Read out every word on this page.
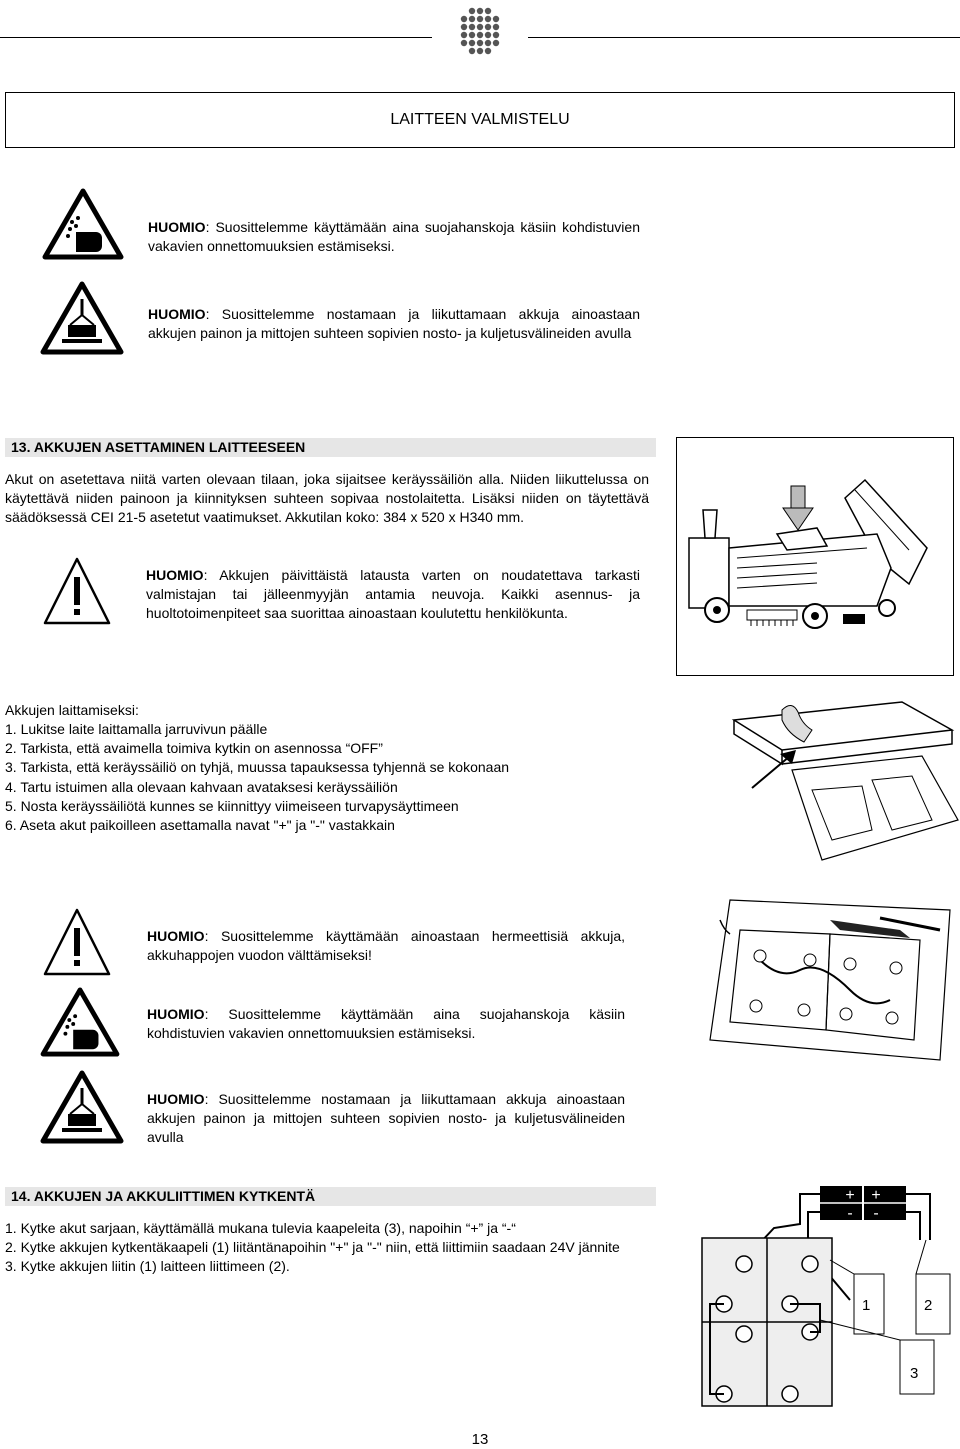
LAITTEEN VALMISTELU
HUOMIO: Suosittelemme käyttämään aina suojahanskoja käsiin kohdistuvien vakavien onnettomuuksien estämiseksi.
HUOMIO: Suosittelemme nostamaan ja liikuttamaan akkuja ainoastaan akkujen painon ja mittojen suhteen sopivien nosto- ja kuljetusvälineiden avulla
13. AKKUJEN ASETTAMINEN LAITTEESEEN
Akut on asetettava niitä varten olevaan tilaan, joka sijaitsee keräyssäiliön alla. Niiden liikuttelussa on käytettävä niiden painoon ja kiinnityksen suhteen sopivaa nostolaitetta. Lisäksi niiden on täytettävä säädöksessä CEI 21-5 asetetut vaatimukset. Akkutilan koko: 384 x 520 x H340 mm.
HUOMIO: Akkujen päivittäistä latausta varten on noudatettava tarkasti valmistajan tai jälleenmyyjän antamia neuvoja. Kaikki asennus- ja huoltotoimenpiteet saa suorittaa ainoastaan koulutettu henkilökunta.
Akkujen laittamiseksi:
1. Lukitse laite laittamalla jarruvivun päälle
2. Tarkista, että avaimella toimiva kytkin on asennossa “OFF”
3. Tarkista, että keräyssäiliö on tyhjä, muussa tapauksessa tyhjennä se kokonaan
4. Tartu istuimen alla olevaan kahvaan avataksesi keräyssäiliön
5. Nosta keräyssäiliötä kunnes se kiinnittyy viimeiseen turvapysäyttimeen
6. Aseta akut paikoilleen asettamalla navat "+" ja "-" vastakkain
HUOMIO: Suosittelemme käyttämään ainoastaan hermeettisiä akkuja, akkuhappojen vuodon välttämiseksi!
HUOMIO: Suosittelemme käyttämään aina suojahanskoja käsiin kohdistuvien vakavien onnettomuuksien estämiseksi.
HUOMIO: Suosittelemme nostamaan ja liikuttamaan akkuja ainoastaan akkujen painon ja mittojen suhteen sopivien nosto- ja kuljetusvälineiden avulla
14. AKKUJEN JA AKKULIITTIMEN KYTKENTÄ
1. Kytke akut sarjaan, käyttämällä mukana tulevia kaapeleita (3), napoihin “+” ja “-“
2. Kytke akkujen kytkentäkaapeli (1) liitäntänapoihin "+" ja "-" niin, että liittimiin saadaan 24V jännite
3. Kytke akkujen liitin (1) laitteen liittimeen (2).
+ +
- -
1	2
3
13
